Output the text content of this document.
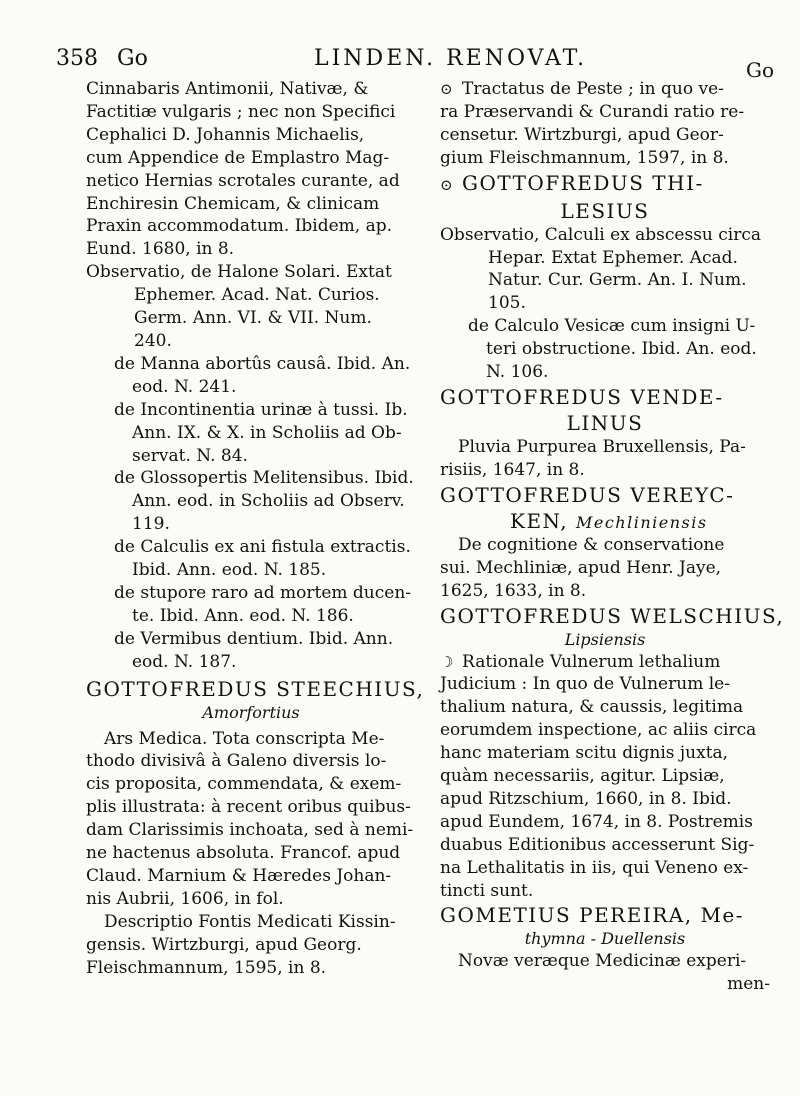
358 Go	LINDEN. RENOVAT.	Go

Cinnabaris Antimonii, Nativæ, &
Factitiæ vulgaris ; nec non Specifici
Cephalici D. Johannis Michaelis,
cum Appendice de Emplastro Mag-
netico Hernias scrotales curante, ad
Enchiresin Chemicam, & clinicam
Praxin accommodatum. Ibidem, ap.
Eund. 1680, in 8.

Observatio, de Halone Solari. Extat
Ephemer. Acad. Nat. Curios.
Germ. Ann. VI. & VII. Num.
240.

de Manna abortûs causâ. Ibid. An.
eod. N. 241.

de Incontinentia urinæ à tussi. Ib.
Ann. IX. & X. in Scholiis ad Ob-
servat. N. 84.

de Glossopertis Melitensibus. Ibid.
Ann. eod. in Scholiis ad Observ.
119.

de Calculis ex ani fistula extractis.
Ibid. Ann. eod. N. 185.

de stupore raro ad mortem ducen-
te. Ibid. Ann. eod. N. 186.

de Vermibus dentium. Ibid. Ann.
eod. N. 187.

GOTTOFREDUS STEECHIUS,
Amorfortius

Ars Medica. Tota conscripta Me-
thodo divisivâ à Galeno diversis lo-
cis proposita, commendata, & exem-
plis illustrata: à recent oribus quibus-
dam Clarissimis inchoata, sed à nemi-
ne hactenus absoluta. Francof. apud
Claud. Marnium & Hæredes Johan-
nis Aubrii, 1606, in fol.

Descriptio Fontis Medicati Kissin-
gensis. Wirtzburgi, apud Georg.
Fleischmannum, 1595, in 8.

⊙ Tractatus de Peste ; in quo ve-
ra Præservandi & Curandi ratio re-
censetur. Wirtzburgi, apud Geor-
gium Fleischmannum, 1597, in 8.

⊙ GOTTOFREDUS THI-
LESIUS

Observatio, Calculi ex abscessu circa
Hepar. Extat Ephemer. Acad.
Natur. Cur. Germ. An. I. Num.
105.

de Calculo Vesicæ cum insigni U-
teri obstructione. Ibid. An. eod.
N. 106.

GOTTOFREDUS VENDE-
LINUS

Pluvia Purpurea Bruxellensis, Pa-
risiis, 1647, in 8.

GOTTOFREDUS VEREYC-
KEN, Mechliniensis

De cognitione & conservatione
sui. Mechliniæ, apud Henr. Jaye,
1625, 1633, in 8.

GOTTOFREDUS WELSCHIUS,
Lipsiensis

☽ Rationale Vulnerum lethalium
Judicium : In quo de Vulnerum le-
thalium natura, & caussis, legitima
eorumdem inspectione, ac aliis circa
hanc materiam scitu dignis juxta,
quàm necessariis, agitur. Lipsiæ,
apud Ritzschium, 1660, in 8. Ibid.
apud Eundem, 1674, in 8. Postremis
duabus Editionibus accesserunt Sig-
na Lethalitatis in iis, qui Veneno ex-
tincti sunt.

GOMETIUS PEREIRA, Me-
thymna - Duellensis

Novæ veræque Medicinæ experi-
men-
